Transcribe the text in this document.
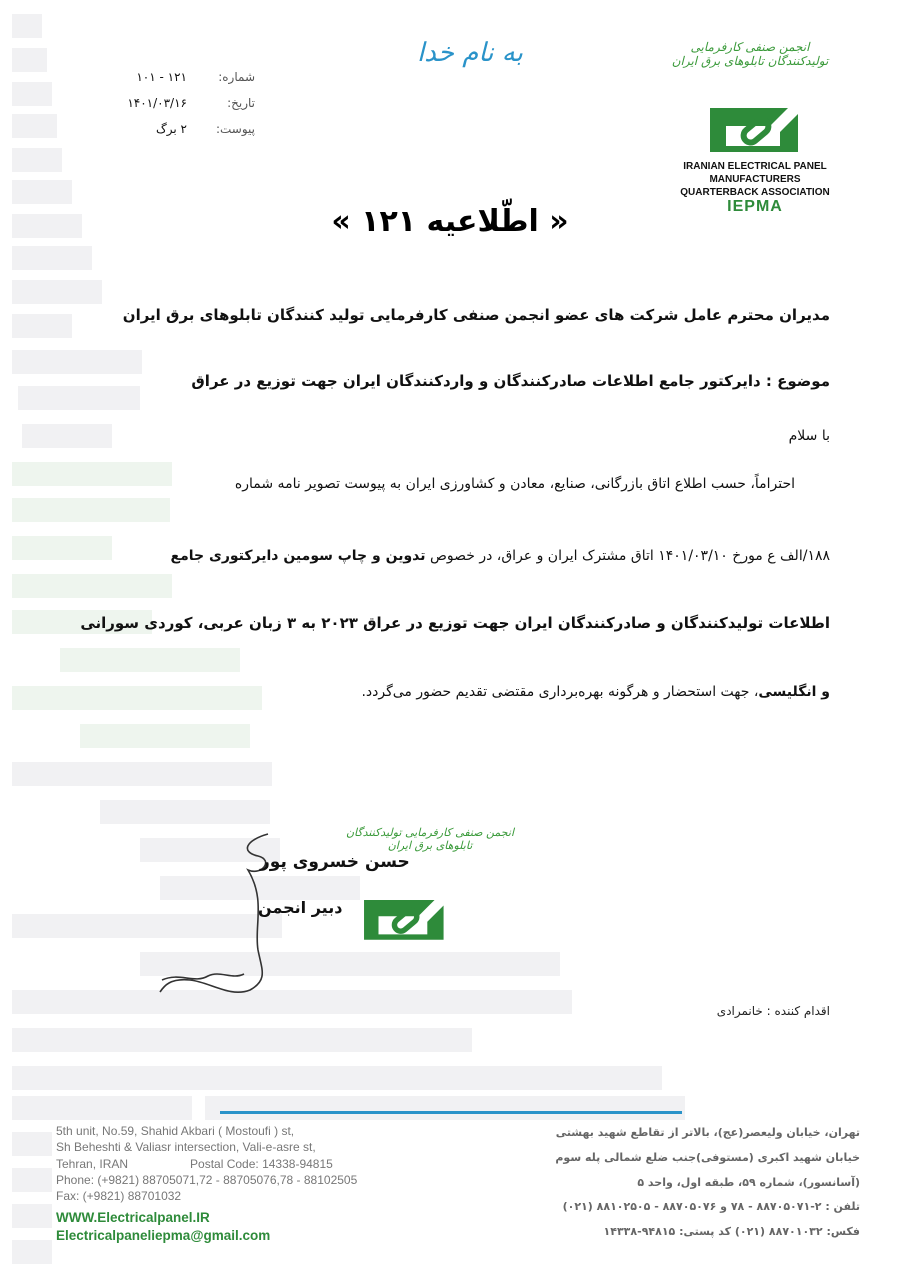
شماره:
۱۲۱ - ۱۰۱
تاریخ:
۱۴۰۱/۰۳/۱۶
پیوست:
۲ برگ
به نام خدا	انجمن صنفی کارفرمایی تولیدکنندگان تابلوهای برق ایران
IRANIAN ELECTRICAL PANEL
MANUFACTURERS
QUARTERBACK ASSOCIATION
IEPMA
« اطّلاعیه ۱۲۱ »
مدیران محترم عامل شرکت های عضو انجمن صنفی کارفرمایی تولید کنندگان تابلوهای برق ایران
موضوع : دایرکتور جامع اطلاعات صادرکنندگان و واردکنندگان ایران جهت توزیع در عراق
با سلام
احتراماً، حسب اطلاع اتاق بازرگانی، صنایع، معادن و کشاورزی ایران به پیوست تصویر نامه شماره
۱۸۸/الف ع مورخ ۱۴۰۱/۰۳/۱۰ اتاق مشترک ایران و عراق، در خصوص تدوین و چاپ سومین دایرکتوری جامع
اطلاعات تولیدکنندگان و صادرکنندگان ایران جهت توزیع در عراق ۲۰۲۳ به ۳ زبان عربی، کوردی سورانی
و انگلیسی، جهت استحضار و هرگونه بهره‌برداری مقتضی تقدیم حضور می‌گردد.
انجمن صنفی کارفرمایی تولیدکنندگان تابلوهای برق ایران
حسن خسروی پور
دبیر انجمن
اقدام کننده : خانمرادی
5th unit, No.59, Shahid Akbari ( Mostoufi ) st,
Sh Beheshti & Valiasr intersection, Vali-e-asre st,
Tehran, IRAN	Postal Code: 14338-94815
Phone: (+9821) 88705071,72 - 88705076,78 - 88102505
Fax: (+9821) 88701032
WWW.Electricalpanel.IR
Electricalpaneliepma@gmail.com
تهران، خیابان ولیعصر(عج)، بالاتر از تقاطع شهید بهشتی
خیابان شهید اکبری (مستوفی)جنب ضلع شمالی پله سوم
(آسانسور)، شماره ۵۹، طبقه اول، واحد ۵
تلفن : ۲-۸۸۷۰۵۰۷۱ - ۷۸ و ۸۸۷۰۵۰۷۶ - ۸۸۱۰۲۵۰۵ (۰۲۱)
فکس: ۸۸۷۰۱۰۳۲ (۰۲۱) کد پستی: ۹۴۸۱۵-۱۴۳۳۸
